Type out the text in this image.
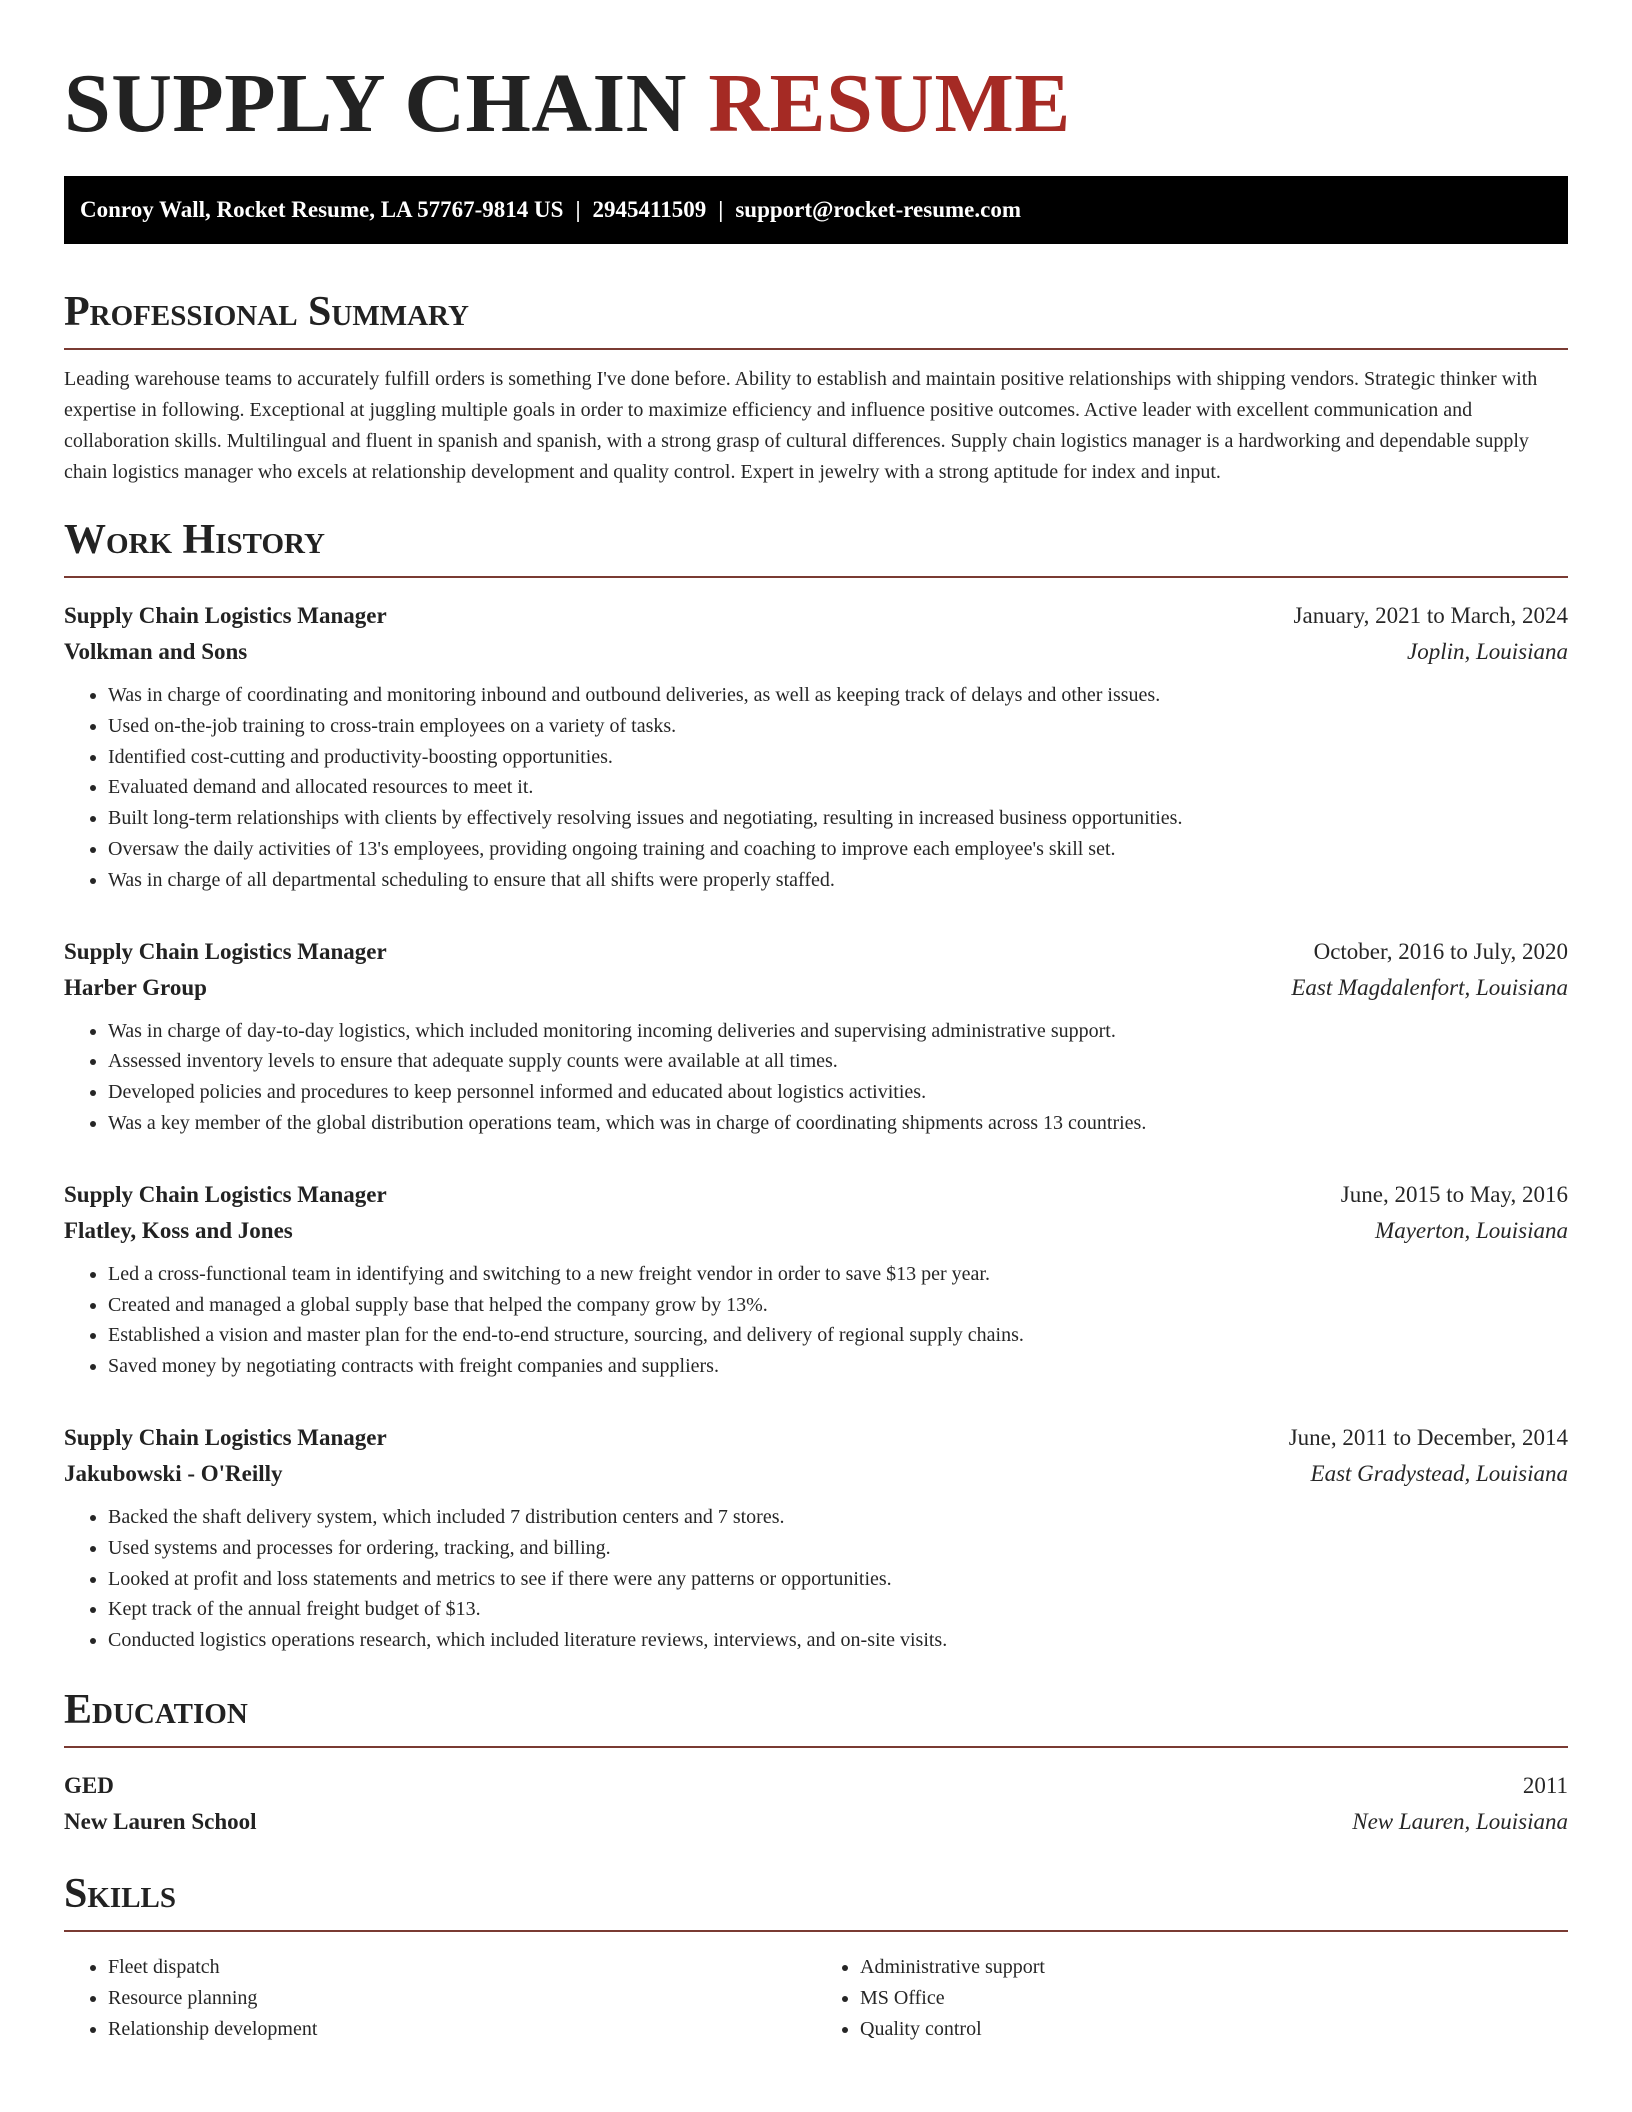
SUPPLY CHAIN RESUME
Conroy Wall, Rocket Resume, LA 57767-9814 US | 2945411509 | support@rocket-resume.com
Professional Summary

Leading warehouse teams to accurately fulfill orders is something I've done before. Ability to establish and maintain positive relationships with shipping vendors. Strategic thinker with expertise in following. Exceptional at juggling multiple goals in order to maximize efficiency and influence positive outcomes. Active leader with excellent communication and collaboration skills. Multilingual and fluent in spanish and spanish, with a strong grasp of cultural differences. Supply chain logistics manager is a hardworking and dependable supply chain logistics manager who excels at relationship development and quality control. Expert in jewelry with a strong aptitude for index and input.

Work History
Supply Chain Logistics Manager	January, 2021 to March, 2024
Volkman and Sons	Joplin, Louisiana
• Was in charge of coordinating and monitoring inbound and outbound deliveries, as well as keeping track of delays and other issues.
• Used on-the-job training to cross-train employees on a variety of tasks.
• Identified cost-cutting and productivity-boosting opportunities.
• Evaluated demand and allocated resources to meet it.
• Built long-term relationships with clients by effectively resolving issues and negotiating, resulting in increased business opportunities.
• Oversaw the daily activities of 13's employees, providing ongoing training and coaching to improve each employee's skill set.
• Was in charge of all departmental scheduling to ensure that all shifts were properly staffed.
Supply Chain Logistics Manager	October, 2016 to July, 2020
Harber Group	East Magdalenfort, Louisiana
• Was in charge of day-to-day logistics, which included monitoring incoming deliveries and supervising administrative support.
• Assessed inventory levels to ensure that adequate supply counts were available at all times.
• Developed policies and procedures to keep personnel informed and educated about logistics activities.
• Was a key member of the global distribution operations team, which was in charge of coordinating shipments across 13 countries.
Supply Chain Logistics Manager	June, 2015 to May, 2016
Flatley, Koss and Jones	Mayerton, Louisiana
• Led a cross-functional team in identifying and switching to a new freight vendor in order to save $13 per year.
• Created and managed a global supply base that helped the company grow by 13%.
• Established a vision and master plan for the end-to-end structure, sourcing, and delivery of regional supply chains.
• Saved money by negotiating contracts with freight companies and suppliers.
Supply Chain Logistics Manager	June, 2011 to December, 2014
Jakubowski - O'Reilly	East Gradystead, Louisiana
• Backed the shaft delivery system, which included 7 distribution centers and 7 stores.
• Used systems and processes for ordering, tracking, and billing.
• Looked at profit and loss statements and metrics to see if there were any patterns or opportunities.
• Kept track of the annual freight budget of $13.
• Conducted logistics operations research, which included literature reviews, interviews, and on-site visits.
Education
GED	2011
New Lauren School	New Lauren, Louisiana
Skills
• Fleet dispatch
• Resource planning
• Relationship development
• Administrative support
• MS Office
• Quality control
